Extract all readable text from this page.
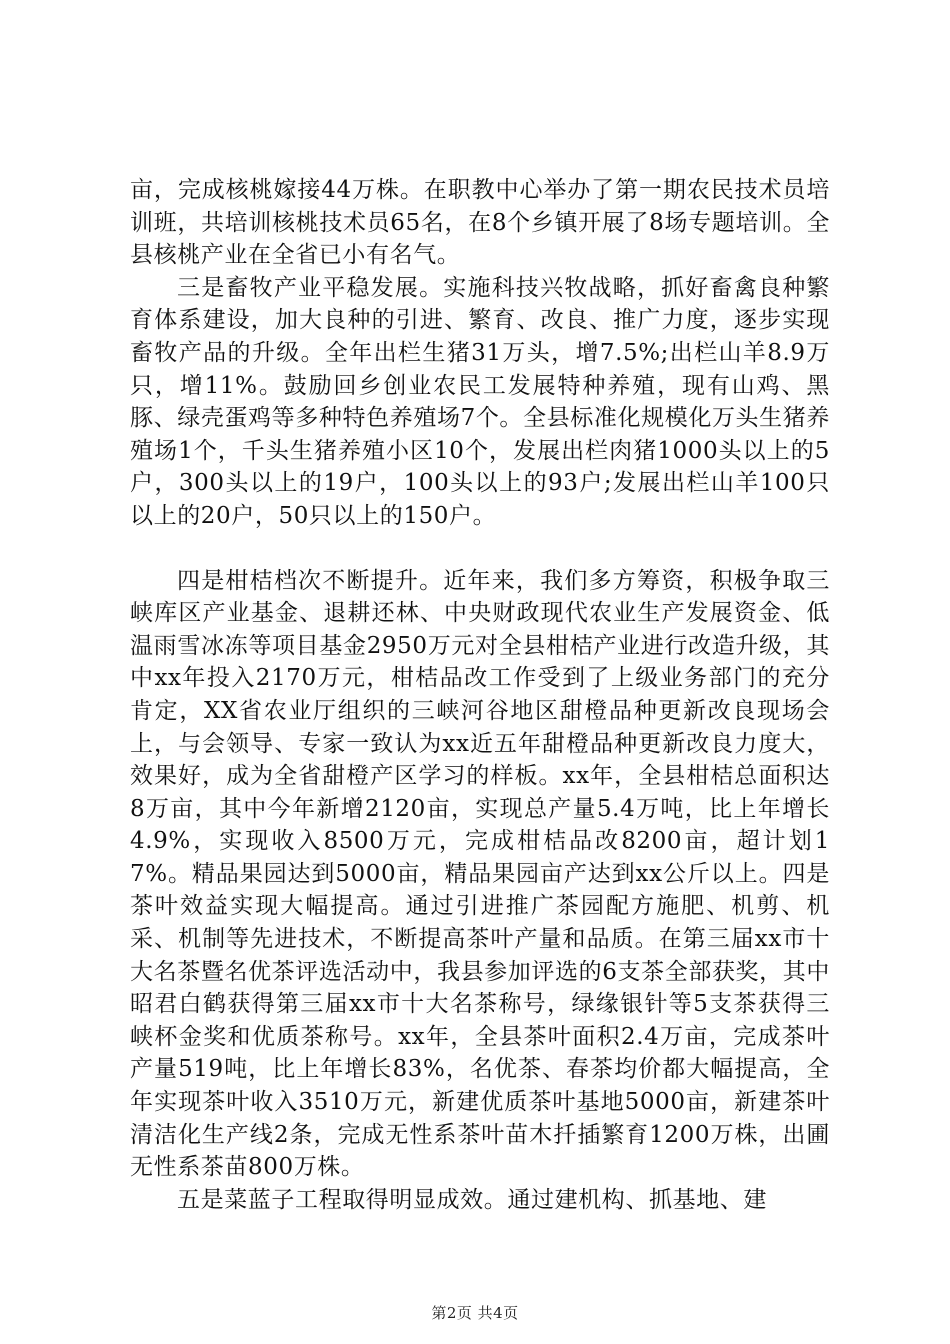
亩，完成核桃嫁接44万株。在职教中心举办了第一期农民技术员培训班，共培训核桃技术员65名，在8个乡镇开展了8场专题培训。全县核桃产业在全省已小有名气。

三是畜牧产业平稳发展。实施科技兴牧战略，抓好畜禽良种繁育体系建设，加大良种的引进、繁育、改良、推广力度，逐步实现畜牧产品的升级。全年出栏生猪31万头，增7.5%;出栏山羊8.9万只，增11%。鼓励回乡创业农民工发展特种养殖，现有山鸡、黑豚、绿壳蛋鸡等多种特色养殖场7个。全县标准化规模化万头生猪养殖场1个，千头生猪养殖小区10个，发展出栏肉猪1000头以上的5户，300头以上的19户，100头以上的93户;发展出栏山羊100只以上的20户，50只以上的150户。

四是柑桔档次不断提升。近年来，我们多方筹资，积极争取三峡库区产业基金、退耕还林、中央财政现代农业生产发展资金、低温雨雪冰冻等项目基金2950万元对全县柑桔产业进行改造升级，其中xx年投入2170万元，柑桔品改工作受到了上级业务部门的充分肯定，XX省农业厅组织的三峡河谷地区甜橙品种更新改良现场会上，与会领导、专家一致认为xx近五年甜橙品种更新改良力度大，效果好，成为全省甜橙产区学习的样板。xx年，全县柑桔总面积达8万亩，其中今年新增2120亩，实现总产量5.4万吨，比上年增长4.9%，实现收入8500万元，完成柑桔品改8200亩，超计划17%。精品果园达到5000亩，精品果园亩产达到xx公斤以上。四是茶叶效益实现大幅提高。通过引进推广茶园配方施肥、机剪、机采、机制等先进技术，不断提高茶叶产量和品质。在第三届xx市十大名茶暨名优茶评选活动中，我县参加评选的6支茶全部获奖，其中昭君白鹤获得第三届xx市十大名茶称号，绿缘银针等5支茶获得三峡杯金奖和优质茶称号。xx年，全县茶叶面积2.4万亩，完成茶叶产量519吨，比上年增长83%，名优茶、春茶均价都大幅提高，全年实现茶叶收入3510万元，新建优质茶叶基地5000亩，新建茶叶清洁化生产线2条，完成无性系茶叶苗木扦插繁育1200万株，出圃无性系茶苗800万株。

五是菜蓝子工程取得明显成效。通过建机构、抓基地、建

第2页 共4页
